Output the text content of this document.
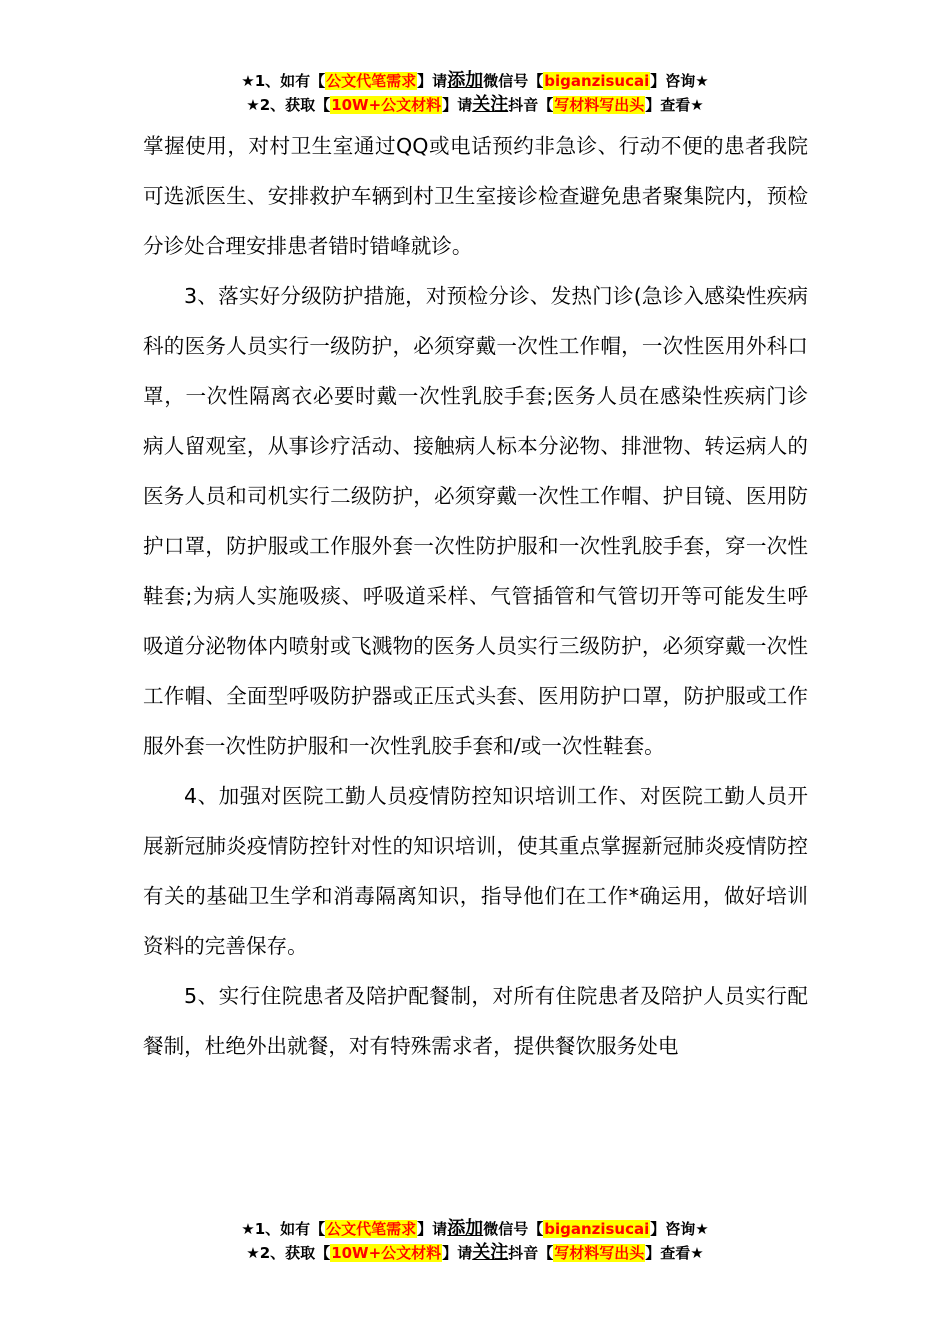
★1、如有【公文代笔需求】请添加微信号【biganzisucai】咨询★
★2、获取【10W+公文材料】请关注抖音【写材料写出头】查看★

掌握使用，对村卫生室通过QQ或电话预约非急诊、行动不便的患者我院可选派医生、安排救护车辆到村卫生室接诊检查避免患者聚集院内，预检分诊处合理安排患者错时错峰就诊。

3、落实好分级防护措施，对预检分诊、发热门诊(急诊入感染性疾病科的医务人员实行一级防护，必须穿戴一次性工作帽，一次性医用外科口罩，一次性隔离衣必要时戴一次性乳胶手套;医务人员在感染性疾病门诊病人留观室，从事诊疗活动、接触病人标本分泌物、排泄物、转运病人的医务人员和司机实行二级防护，必须穿戴一次性工作帽、护目镜、医用防护口罩，防护服或工作服外套一次性防护服和一次性乳胶手套，穿一次性鞋套;为病人实施吸痰、呼吸道采样、气管插管和气管切开等可能发生呼吸道分泌物体内喷射或飞溅物的医务人员实行三级防护，必须穿戴一次性工作帽、全面型呼吸防护器或正压式头套、医用防护口罩，防护服或工作服外套一次性防护服和一次性乳胶手套和/或一次性鞋套。

4、加强对医院工勤人员疫情防控知识培训工作、对医院工勤人员开展新冠肺炎疫情防控针对性的知识培训，使其重点掌握新冠肺炎疫情防控有关的基础卫生学和消毒隔离知识，指导他们在工作*确运用，做好培训资料的完善保存。

5、实行住院患者及陪护配餐制，对所有住院患者及陪护人员实行配餐制，杜绝外出就餐，对有特殊需求者，提供餐饮服务处电

★1、如有【公文代笔需求】请添加微信号【biganzisucai】咨询★
★2、获取【10W+公文材料】请关注抖音【写材料写出头】查看★
